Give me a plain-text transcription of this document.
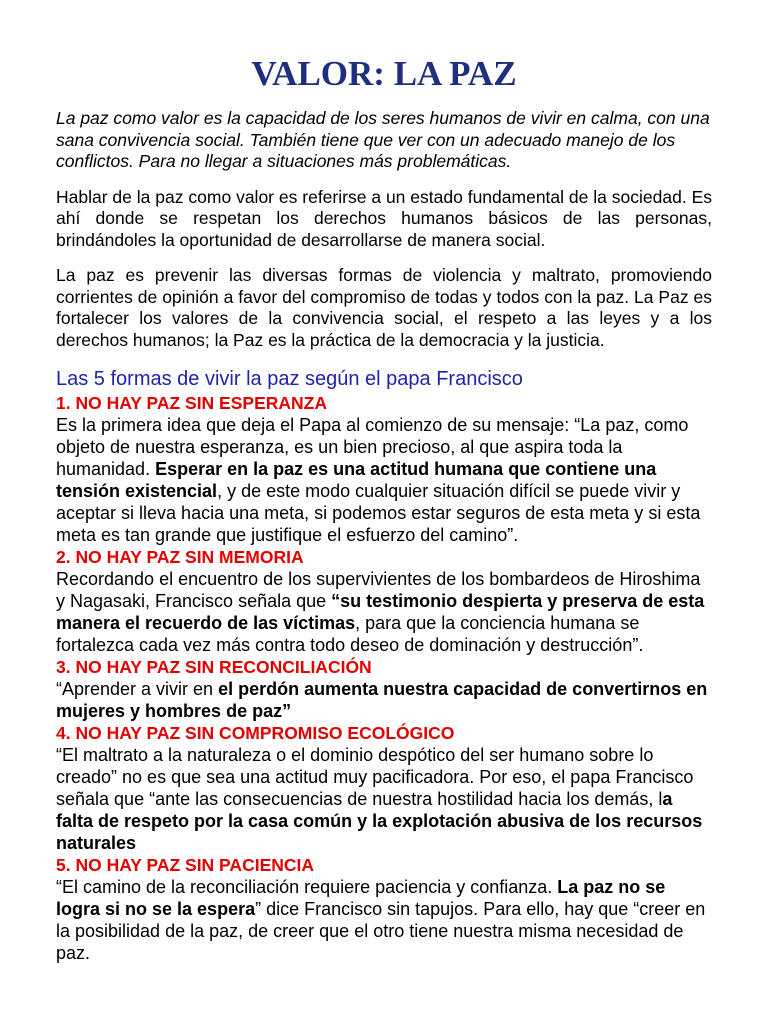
VALOR: LA PAZ

La paz como valor es la capacidad de los seres humanos de vivir en calma, con una sana convivencia social. También tiene que ver con un adecuado manejo de los conflictos. Para no llegar a situaciones más problemáticas.

Hablar de la paz como valor es referirse a un estado fundamental de la sociedad. Es ahí donde se respetan los derechos humanos básicos de las personas, brindándoles la oportunidad de desarrollarse de manera social.

La paz es prevenir las diversas formas de violencia y maltrato, promoviendo corrientes de opinión a favor del compromiso de todas y todos con la paz. La Paz es fortalecer los valores de la convivencia social, el respeto a las leyes y a los derechos humanos; la Paz es la práctica de la democracia y la justicia.

Las 5 formas de vivir la paz según el papa Francisco

1. NO HAY PAZ SIN ESPERANZA

Es la primera idea que deja el Papa al comienzo de su mensaje: “La paz, como objeto de nuestra esperanza, es un bien precioso, al que aspira toda la humanidad. Esperar en la paz es una actitud humana que contiene una tensión existencial, y de este modo cualquier situación difícil se puede vivir y aceptar si lleva hacia una meta, si podemos estar seguros de esta meta y si esta meta es tan grande que justifique el esfuerzo del camino”.

2. NO HAY PAZ SIN MEMORIA

Recordando el encuentro de los supervivientes de los bombardeos de Hiroshima y Nagasaki, Francisco señala que “su testimonio despierta y preserva de esta manera el recuerdo de las víctimas, para que la conciencia humana se fortalezca cada vez más contra todo deseo de dominación y destrucción”.

3. NO HAY PAZ SIN RECONCILIACIÓN

“Aprender a vivir en el perdón aumenta nuestra capacidad de convertirnos en mujeres y hombres de paz”

4. NO HAY PAZ SIN COMPROMISO ECOLÓGICO

“El maltrato a la naturaleza o el dominio despótico del ser humano sobre lo creado” no es que sea una actitud muy pacificadora. Por eso, el papa Francisco señala que “ante las consecuencias de nuestra hostilidad hacia los demás, la falta de respeto por la casa común y la explotación abusiva de los recursos naturales

5. NO HAY PAZ SIN PACIENCIA

“El camino de la reconciliación requiere paciencia y confianza. La paz no se logra si no se la espera” dice Francisco sin tapujos. Para ello, hay que “creer en la posibilidad de la paz, de creer que el otro tiene nuestra misma necesidad de paz.
